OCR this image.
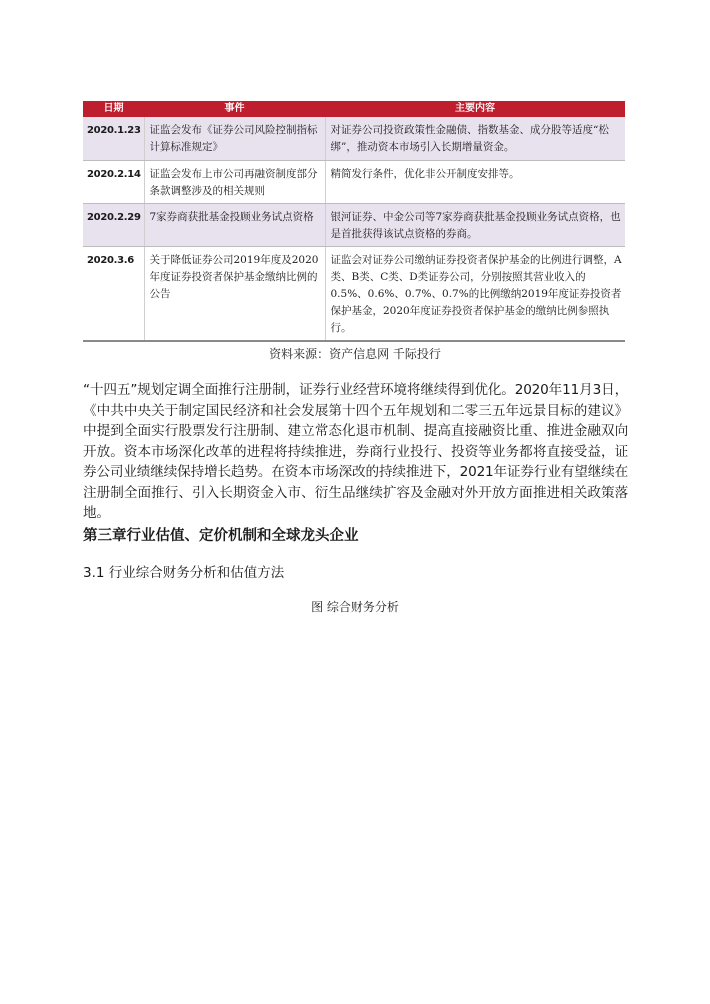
日期	事件	主要内容
2020.1.23	证监会发布《证券公司风险控制指标计算标准规定》	对证券公司投资政策性金融债、指数基金、成分股等适度“松绑”，推动资本市场引入长期增量资金。
2020.2.14	证监会发布上市公司再融资制度部分条款调整涉及的相关规则	精简发行条件，优化非公开制度安排等。
2020.2.29	7家券商获批基金投顾业务试点资格	银河证券、中金公司等7家券商获批基金投顾业务试点资格，也是首批获得该试点资格的券商。
2020.3.6	关于降低证券公司2019年度及2020年度证券投资者保护基金缴纳比例的公告	证监会对证券公司缴纳证券投资者保护基金的比例进行调整，A类、B类、C类、D类证券公司，分别按照其营业收入的0.5%、0.6%、0.7%、0.7%的比例缴纳2019年度证券投资者保护基金，2020年度证券投资者保护基金的缴纳比例参照执行。
资料来源：资产信息网 千际投行
“十四五”规划定调全面推行注册制，证券行业经营环境将继续得到优化。2020年11月3日，《中共中央关于制定国民经济和社会发展第十四个五年规划和二零三五年远景目标的建议》中提到全面实行股票发行注册制、建立常态化退市机制、提高直接融资比重、推进金融双向开放。资本市场深化改革的进程将持续推进，券商行业投行、投资等业务都将直接受益，证券公司业绩继续保持增长趋势。在资本市场深改的持续推进下，2021年证券行业有望继续在注册制全面推行、引入长期资金入市、衍生品继续扩容及金融对外开放方面推进相关政策落地。
第三章行业估值、定价机制和全球龙头企业
3.1 行业综合财务分析和估值方法
图 综合财务分析
